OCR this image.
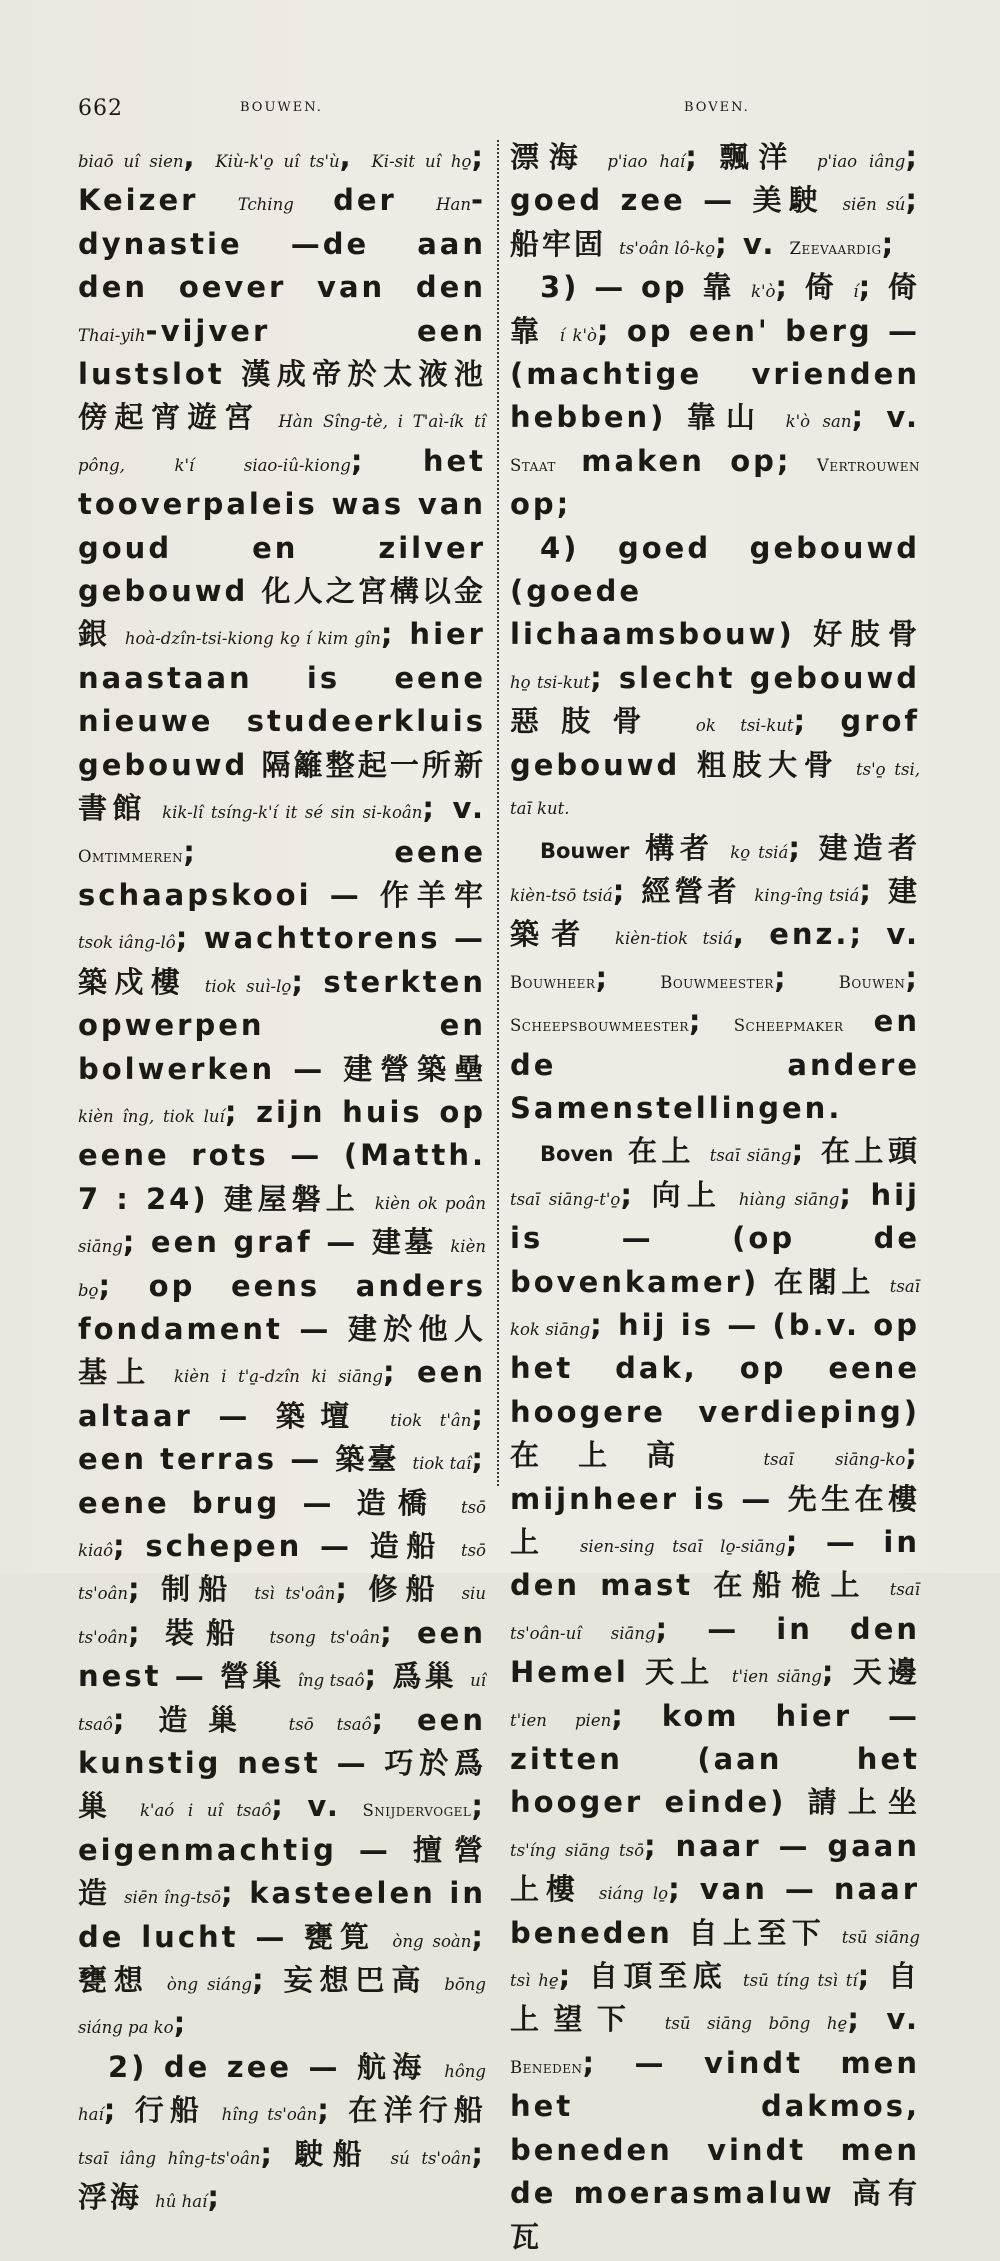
662	BOUWEN.	BOVEN.

biaō uî sien, Kiù-k'o̱ uî ts'ù, Ki-sit uî ho̱; Keizer Tching der Han-dynastie —de aan den oever van den Thai-yih-vijver een lustslot 漢成帝於太液池傍起宵遊宮 Hàn Sîng-tè, i T'aì-ík tî pông, k'í siao-iû-kiong; het tooverpaleis was van goud en zilver gebouwd 化人之宮構以金銀 hoà-dzîn-tsi-kiong ko̱ í kim gîn; hier naastaan is eene nieuwe studeerkluis gebouwd 隔籬整起一所新書館 kik-lî tsíng-k'í it sé sin si-koân; v. Omtimmeren; eene schaapskooi — 作羊牢 tsok iâng-lô; wachttorens — 築戍樓 tiok suì-lo̱; sterkten opwerpen en bolwerken — 建營築壘 kièn îng, tiok luí; zijn huis op eene rots — (Matth. 7 : 24) 建屋磐上 kièn ok poân siāng; een graf — 建墓 kièn bo̱; op eens anders fondament — 建於他人基上 kièn i t'a̱-dzîn ki siāng; een altaar — 築壇 tiok t'ân; een terras — 築臺 tiok taî; eene brug — 造橋 tsō kiaô; schepen — 造船 tsō ts'oân; 制船 tsì ts'oân; 修船 siu ts'oân; 裝船 tsong ts'oân; een nest — 營巢 îng tsaô; 爲巢 uî tsaô; 造巢 tsō tsaô; een kunstig nest — 巧於爲巢 k'aó i uî tsaô; v. Snijdervogel; eigenmachtig — 擅營造 siēn îng-tsō; kasteelen in de lucht — 甕筧 òng soàn; 甕想 òng siáng; 妄想巴高 bōng siáng pa ko;

2) de zee — 航海 hông haí; 行船 hîng ts'oân; 在洋行船 tsaī iâng hîng-ts'oân; 駛船 sú ts'oân; 浮海 hû haí;

漂海 p'iao haí; 飄洋 p'iao iâng; goed zee — 美駛 siēn sú; 船牢固 ts'oân lô-ko̱; v. Zeevaardig;

3) — op 靠 k'ò; 倚 í; 倚靠 í k'ò; op een' berg — (machtige vrienden hebben) 靠山 k'ò san; v. Staat maken op; Vertrouwen op;

4) goed gebouwd (goede lichaamsbouw) 好肢骨 ho̱ tsi-kut; slecht gebouwd 惡肢骨 ok tsi-kut; grof gebouwd 粗肢大骨 ts'o̱ tsi, taī kut.

Bouwer 構者 ko̱ tsiá; 建造者 kièn-tsō tsiá; 經營者 king-îng tsiá; 建築者 kièn-tiok tsiá, enz.; v. Bouwheer; Bouwmeester; Bouwen; Scheepsbouwmeester; Scheepmaker en de andere Samenstellingen.

Boven 在上 tsaī siāng; 在上頭 tsaī siāng-t'o̱; 向上 hiàng siāng; hij is — (op de bovenkamer) 在閣上 tsaī kok siāng; hij is — (b.v. op het dak, op eene hoogere verdieping) 在上高	tsaī siāng-ko; mijnheer is — 先生在樓上 sien-sing tsaī lo̱-siāng; — in den mast 在船桅上 tsaī ts'oân-uî siāng; — in den Hemel 天上 t'ien siāng; 天邊 t'ien pien; kom hier — zitten (aan het hooger einde) 請上坐 ts'íng siāng tsō; naar — gaan 上樓 siáng lo̱; van — naar beneden 自上至下 tsū siāng tsì he̱; 自頂至底 tsū tíng tsì tí; 自上望下 tsū siāng bōng he̱; v. Beneden; — vindt men het dakmos, beneden vindt men de moerasmaluw 高有瓦
